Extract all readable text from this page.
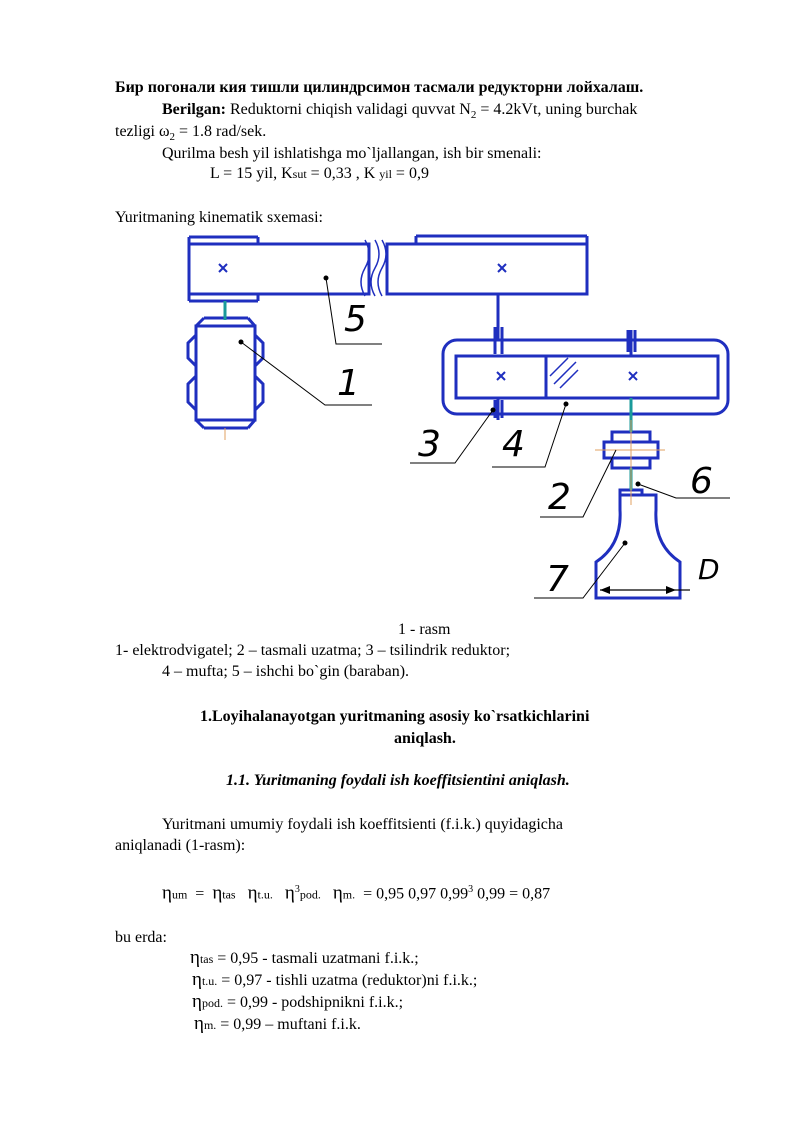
Бир погонали кия тишли цилиндрсимон тасмали редукторни лойхалаш.
Berilgan: Reduktorni chiqish validagi quvvat $N_2 = 4.2kVt$, uning burchak
tezligi $\omega_2 = 1.8$ rad/sek.
Qurilma besh yil ishlatishga mo`ljallangan, ish bir smenali:
L = 15 yil, Ksut = 0,33 , K yil = 0,9
Yuritmaning kinematik sxemasi:
5
1
3 4
2	6
7	D
1 - rasm
1- elektrodvigatel; 2 – tasmali uzatma; 3 – tsilindrik reduktor;
4 – mufta; 5 – ishchi bo`gin (baraban).
1.Loyihalanayotgan yuritmaning asosiy ko`rsatkichlarini
aniqlash.
1.1. Yuritmaning foydali ish koeffitsientini aniqlash.
Yuritmani umumiy foydali ish koeffitsienti (f.i.k.) quyidagicha
aniqlanadi (1-rasm):
ηum = ηtas ηt.u. $\eta^3pod$. ηm. = 0,95 0,97 0,99$^3$ 0,99 = 0,87
bu erda:
ηtas = 0,95 - tasmali uzatmani f.i.k.;
ηt.u. = 0,97 - tishli uzatma (reduktor)ni f.i.k.;
ηpod. = 0,99 - podshipnikni f.i.k.;
ηm. = 0,99 – muftani f.i.k.
